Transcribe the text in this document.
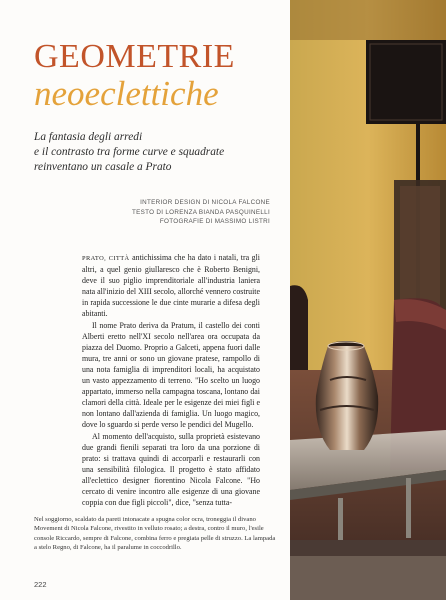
GEOMETRIE
neoeclettiche
La fantasia degli arredi
e il contrasto tra forme curve e squadrate
reinventano un casale a Prato
INTERIOR DESIGN DI NICOLA FALCONE
TESTO DI LORENZA BIANDA PASQUINELLI
FOTOGRAFIE DI MASSIMO LISTRI

PRATO, CITTÀ antichissima che ha dato i natali, tra gli altri, a quel genio giullaresco che è Roberto Benigni, deve il suo piglio imprenditoriale all'industria laniera nata all'inizio del XIII secolo, allorché vennero costruite in rapida successione le due cinte murarie a difesa degli abitanti.

Il nome Prato deriva da Pratum, il castello dei conti Alberti eretto nell'XI secolo nell'area ora occupata da piazza del Duomo. Proprio a Galceti, appena fuori dalle mura, tre anni or sono un giovane pratese, rampollo di una nota famiglia di imprenditori locali, ha acquistato un vasto appezzamento di terreno. "Ho scelto un luogo appartato, immerso nella campagna toscana, lontano dai clamori della città. Ideale per le esigenze dei miei figli e non lontano dall'azienda di famiglia. Un luogo magico, dove lo sguardo si perde verso le pendici del Mugello.

Al momento dell'acquisto, sulla proprietà esistevano due grandi fienili separati tra loro da una porzione di prato: si trattava quindi di accorparli e restaurarli con una sensibilità filologica. Il progetto è stato affidato all'eclettico designer fiorentino Nicola Falcone. "Ho cercato di venire incontro alle esigenze di una giovane coppia con due figli piccoli", dice, "senza tutta-

Nel soggiorno, scaldato da pareti intonacate a spugna color ocra, troneggia il divano Movement di Nicola Falcone, rivestito in velluto rosato; a destra, contro il muro, l'esile console Riccardo, sempre di Falcone, combina ferro e pregiata pelle di struzzo. La lampada a stelo Regno, di Falcone, ha il paralume in coccodrillo.
222
